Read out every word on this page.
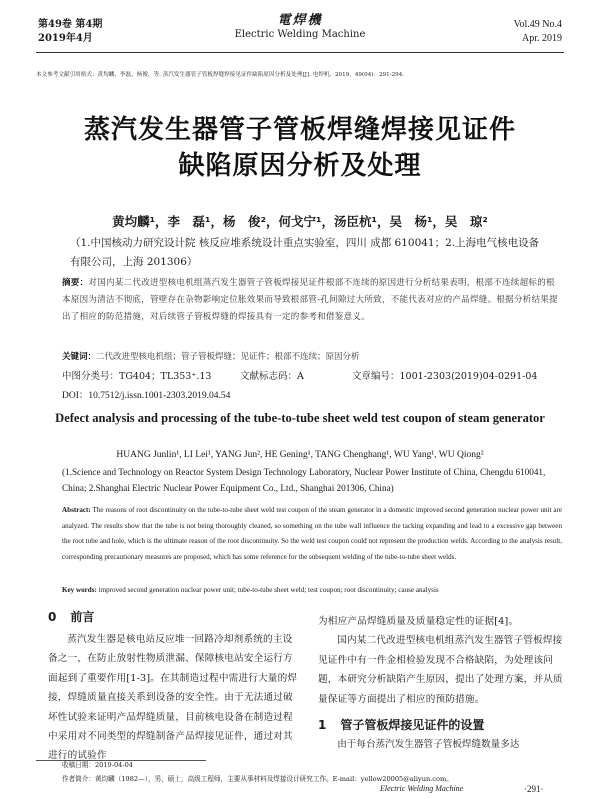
第49卷 第4期
2019年4月
電焊機
Electric Welding Machine
Vol.49 No.4
Apr. 2019
本文参考文献引用格式：黄均麟，李磊，杨俊，等. 蒸汽发生器管子管板焊缝焊接见证件缺陷原因分析及处理[J]. 电焊机，2019，49(04)：291-294.
蒸汽发生器管子管板焊缝焊接见证件
缺陷原因分析及处理
黄均麟¹，李　磊¹，杨　俊²，何戈宁¹，汤臣杭¹，吴　杨¹，吴　琼²
（1.中国核动力研究设计院 核反应堆系统设计重点实验室，四川 成都 610041；2.上海电气核电设备有限公司，上海 201306）
摘要：对国内某二代改进型核电机组蒸汽发生器管子管板焊接见证件根部不连续的原因进行分析结果表明，根部不连续超标的根本原因为清洁不彻底，管壁存在杂物影响定位胀效果而导致根部管-孔间隙过大所致，不能代表对应的产品焊缝。根据分析结果提出了相应的防范措施，对后续管子管板焊缝的焊接具有一定的参考和借鉴意义。
关键词：二代改进型核电机组；管子管板焊缝；见证件；根部不连续；原因分析
中图分类号：TG404；TL353⁺.13	文献标志码：A	文章编号：1001-2303(2019)04-0291-04
DOI：10.7512/j.issn.1001-2303.2019.04.54
Defect analysis and processing of the tube-to-tube sheet weld test coupon of steam generator
HUANG Junlin¹, LI Lei¹, YANG Jun², HE Gening¹, TANG Chenghang¹, WU Yang¹, WU Qiong²
(1.Science and Technology on Reactor System Design Technology Laboratory, Nuclear Power Institute of China, Chengdu 610041, China; 2.Shanghai Electric Nuclear Power Equipment Co., Ltd., Shanghai 201306, China)
Abstract: The reasons of root discontinuity on the tube-to-tube sheet weld test coupon of the steam generator in a domestic improved second generation nuclear power unit are analyzed. The results show that the tube is not being thoroughly cleaned, so something on the tube wall influence the tacking expanding and lead to a excessive gap between the root tube and hole, which is the ultimate reason of the root discontinuity. So the weld test coupon could not represent the production welds. According to the analysis result, corresponding precautionary measures are proposed, which has some reference for the subsequent welding of the tube-to-tube sheet welds.
Key words: improved second generation nuclear power unit; tube-to-tube sheet weld; test coupon; root discontinuity; cause analysis
0 前言

蒸汽发生器是核电站反应堆一回路冷却剂系统的主设备之一，在防止放射性物质泄漏、保障核电站安全运行方面起到了重要作用[1-3]。在其制造过程中需进行大量的焊接，焊缝质量直接关系到设备的安全性。由于无法通过破坏性试验来证明产品焊缝质量，目前核电设备在制造过程中采用对不同类型的焊缝制备产品焊接见证件，通过对其进行的试验作

为相应产品焊缝质量及质量稳定性的证据[4]。

国内某二代改进型核电机组蒸汽发生器管子管板焊接见证件中有一件金相检验发现不合格缺陷，为处理该问题，本研究分析缺陷产生原因，提出了处理方案，并从质量保证等方面提出了相应的预防措施。

1 管子管板焊接见证件的设置

由于每台蒸汽发生器管子管板焊缝数量多达

收稿日期：2019-04-04
作者简介：黄均麟（1982—），男，硕士，高级工程师，主要从事材料及焊接设计研究工作。E-mail：yellow20005@aliyun.com。
Electric Welding Machine	·291·
